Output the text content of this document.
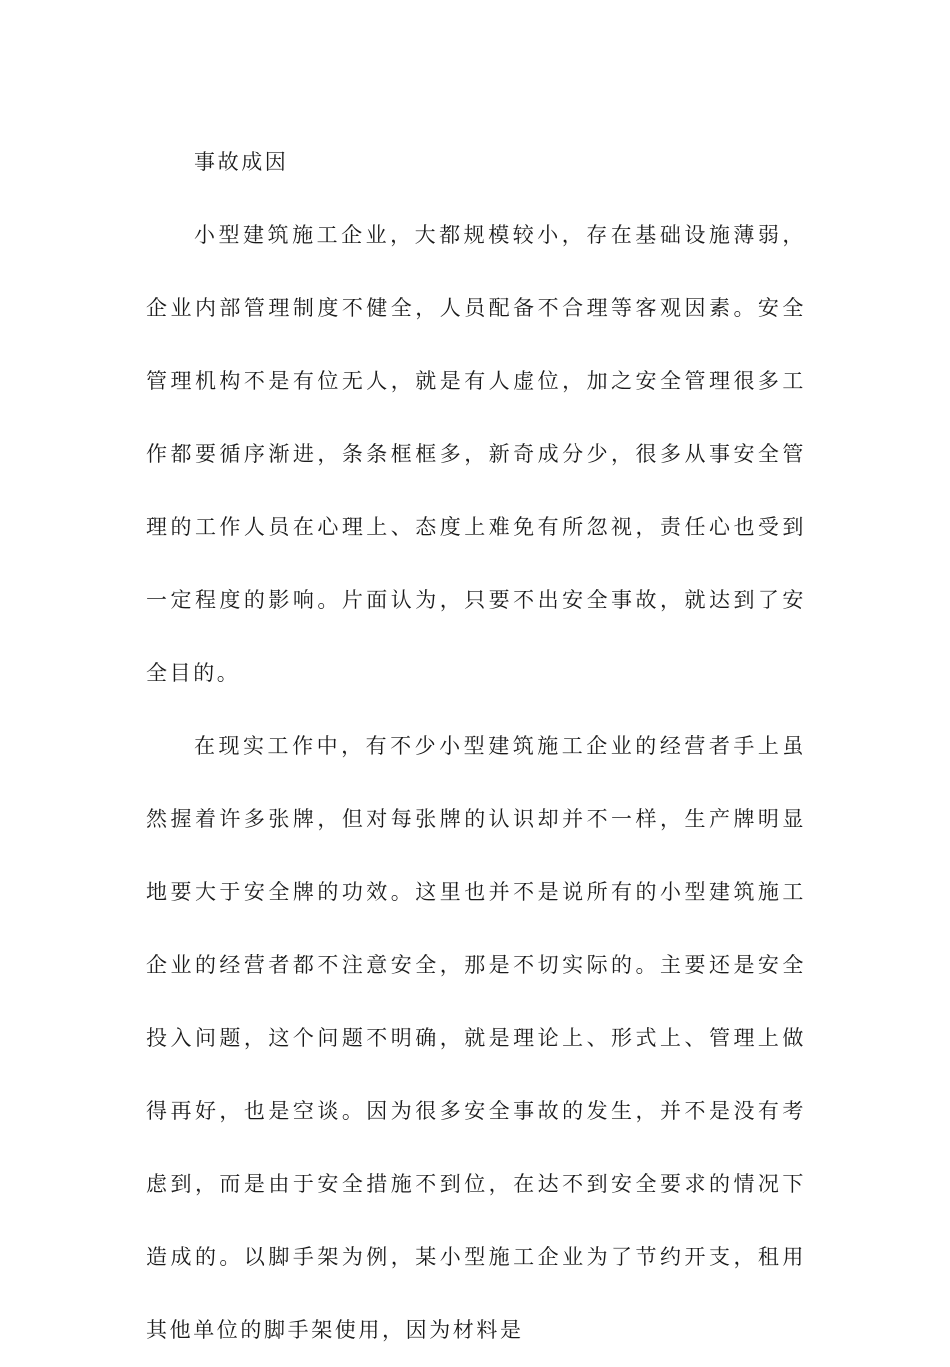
事故成因

小型建筑施工企业，大都规模较小，存在基础设施薄弱，企业内部管理制度不健全，人员配备不合理等客观因素。安全管理机构不是有位无人，就是有人虚位，加之安全管理很多工作都要循序渐进，条条框框多，新奇成分少，很多从事安全管理的工作人员在心理上、态度上难免有所忽视，责任心也受到一定程度的影响。片面认为，只要不出安全事故，就达到了安全目的。

在现实工作中，有不少小型建筑施工企业的经营者手上虽然握着许多张牌，但对每张牌的认识却并不一样，生产牌明显地要大于安全牌的功效。这里也并不是说所有的小型建筑施工企业的经营者都不注意安全，那是不切实际的。主要还是安全投入问题，这个问题不明确，就是理论上、形式上、管理上做得再好，也是空谈。因为很多安全事故的发生，并不是没有考虑到，而是由于安全措施不到位，在达不到安全要求的情况下造成的。以脚手架为例，某小型施工企业为了节约开支，租用其他单位的脚手架使用，因为材料是
